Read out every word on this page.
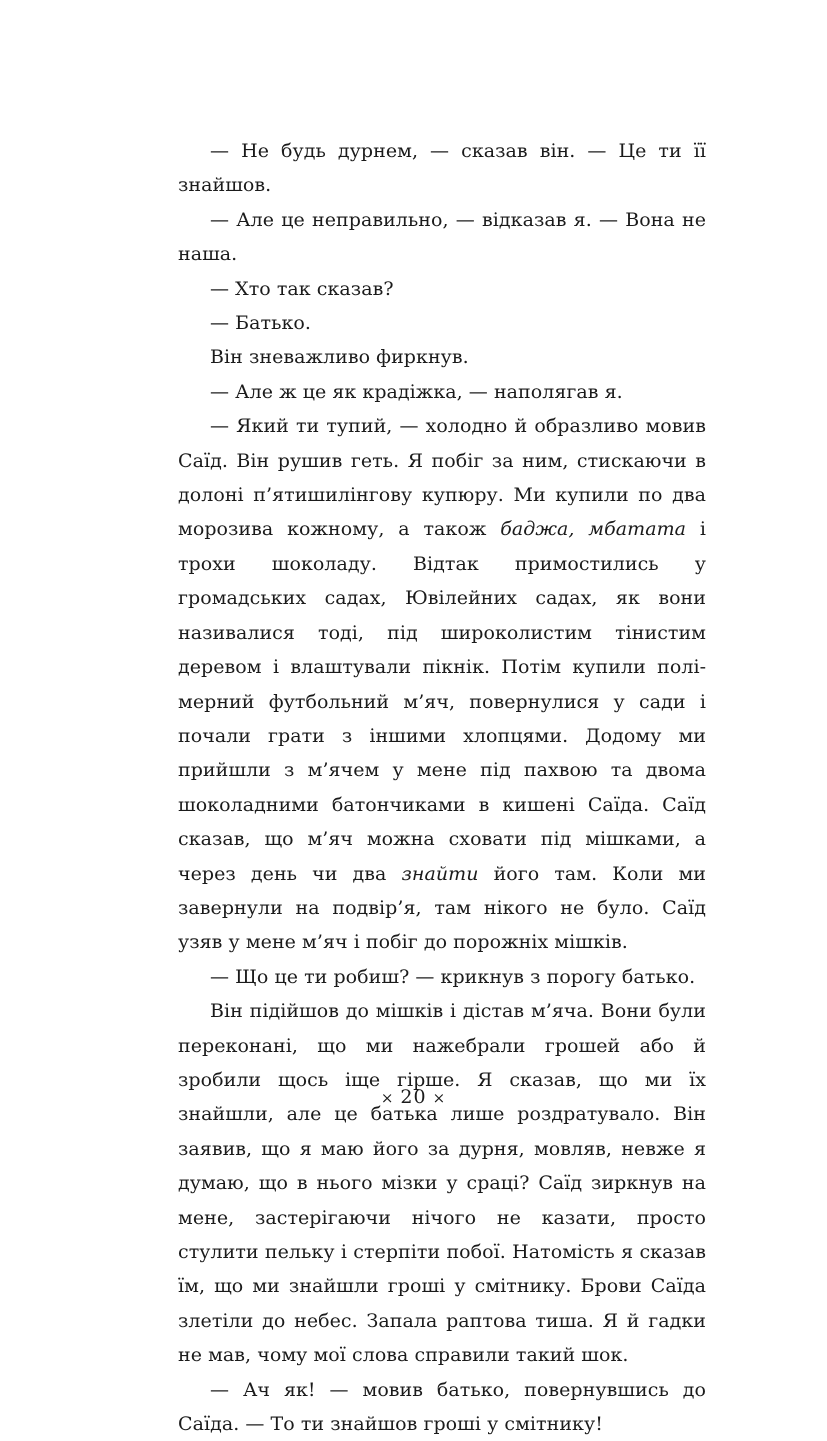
— Не будь дурнем, — сказав він. — Це ти її знайшов.

— Але це неправильно, — відказав я. — Вона не наша.

— Хто так сказав?

— Батько.

Він зневажливо фиркнув.

— Але ж це як крадіжка, — наполягав я.

— Який ти тупий, — холодно й образливо мовив Саїд. Він рушив геть. Я побіг за ним, стискаючи в долоні п’ятишилінгову купюру. Ми купили по два морозива кожному, а також баджа, мбатата і трохи шоколаду. Відтак примостились у громадських садах, Ювілейних садах, як вони називалися тоді, під широколистим тінистим деревом і влаштували пікнік. Потім купили полімерний футбольний м’яч, повернулися у сади і почали грати з іншими хлопцями. Додому ми прийшли з м’ячем у мене під пахвою та двома шоколадними батончиками в кишені Саїда. Саїд сказав, що м’яч можна сховати під мішками, а через день чи два знайти його там. Коли ми завернули на подвір’я, там нікого не було. Саїд узяв у мене м’яч і побіг до порожніх мішків.

— Що це ти робиш? — крикнув з порогу батько.

Він підійшов до мішків і дістав м’яча. Вони були переконані, що ми нажебрали грошей або й зробили щось іще гірше. Я сказав, що ми їх знайшли, але це батька лише роздратувало. Він заявив, що я маю його за дурня, мовляв, невже я думаю, що в нього мізки у сраці? Саїд зиркнув на мене, застерігаючи нічого не казати, просто стулити пельку і стерпіти побої. Натомість я сказав їм, що ми знайшли гроші у смітнику. Брови Саїда злетіли до небес. Запала раптова тиша. Я й гадки не мав, чому мої слова справили такий шок.

— Ач як! — мовив батько, повернувшись до Саїда. — То ти знайшов гроші у смітнику!

× 20 ×
